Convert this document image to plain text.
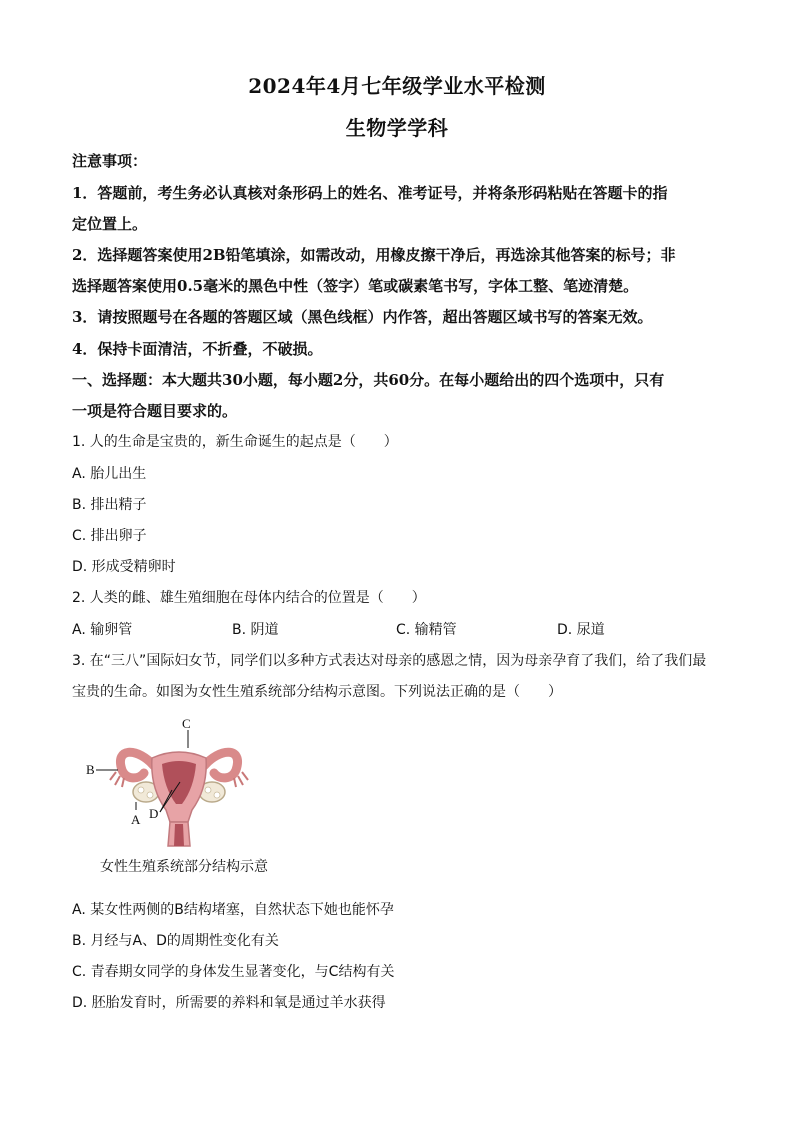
2024年4月七年级学业水平检测
生物学学科
注意事项：
1．答题前，考生务必认真核对条形码上的姓名、准考证号，并将条形码粘贴在答题卡的指
定位置上。
2．选择题答案使用2B铅笔填涂，如需改动，用橡皮擦干净后，再选涂其他答案的标号；非
选择题答案使用0.5毫米的黑色中性（签字）笔或碳素笔书写，字体工整、笔迹清楚。
3．请按照题号在各题的答题区域（黑色线框）内作答，超出答题区域书写的答案无效。
4．保持卡面清洁，不折叠，不破损。
一、选择题：本大题共30小题，每小题2分，共60分。在每小题给出的四个选项中，只有
一项是符合题目要求的。
1. 人的生命是宝贵的，新生命诞生的起点是（　　）
A. 胎儿出生
B. 排出精子
C. 排出卵子
D. 形成受精卵时
2. 人类的雌、雄生殖细胞在母体内结合的位置是（　　）
A. 输卵管	B. 阴道	C. 输精管	D. 尿道
3. 在“三八”国际妇女节，同学们以多种方式表达对母亲的感恩之情，因为母亲孕育了我们，给了我们最
宝贵的生命。如图为女性生殖系统部分结构示意图。下列说法正确的是（　　）
A
B
C
D
女性生殖系统部分结构示意
A. 某女性两侧的B结构堵塞，自然状态下她也能怀孕
B. 月经与A、D的周期性变化有关
C. 青春期女同学的身体发生显著变化，与C结构有关
D. 胚胎发育时，所需要的养料和氧是通过羊水获得
